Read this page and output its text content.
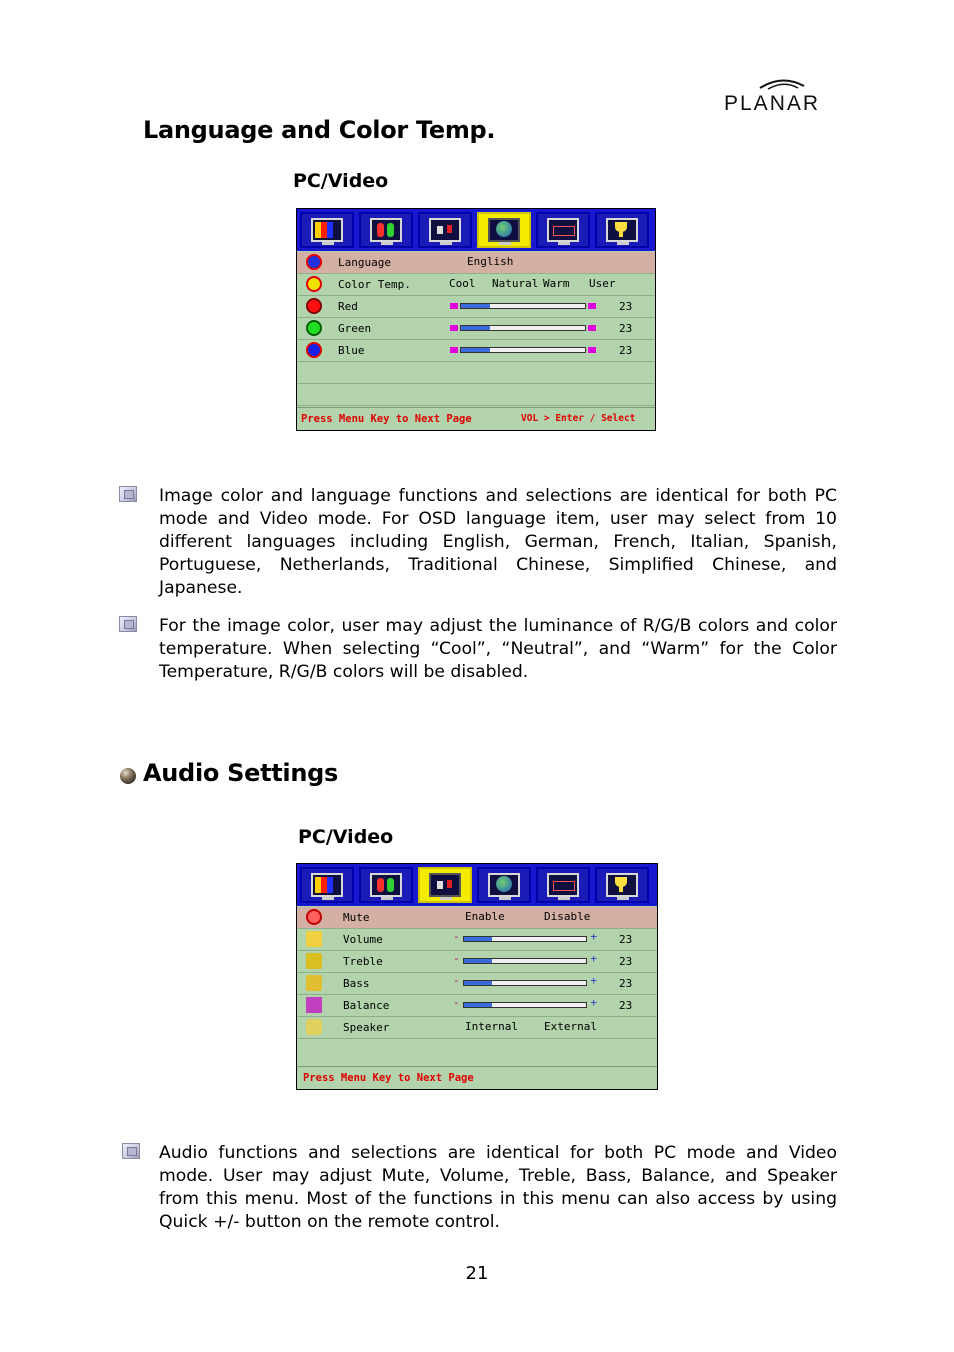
PLANAR
Language and Color Temp.
PC/Video
Language	English
Color Temp.	Cool Natural Warm User
Red	23
Green	23
Blue	23
Press Menu Key to Next Page	VOL > Enter / Select
Image color and language functions and selections are identical for both PC mode and Video mode. For OSD language item, user may select from 10 different languages including English, German, French, Italian, Spanish, Portuguese, Netherlands, Traditional Chinese, Simplified Chinese, and Japanese.
For the image color, user may adjust the luminance of R/G/B colors and color temperature. When selecting “Cool”, “Neutral”, and “Warm” for the Color Temperature, R/G/B colors will be disabled.
Audio Settings
PC/Video
Mute	Enable	Disable
Volume	-	+ 23
Treble	-	+ 23
Bass	-	+ 23
Balance	-	+ 23
Speaker	Internal External
Press Menu Key to Next Page
Audio functions and selections are identical for both PC mode and Video mode. User may adjust Mute, Volume, Treble, Bass, Balance, and Speaker from this menu. Most of the functions in this menu can also access by using Quick +/- button on the remote control.
21
